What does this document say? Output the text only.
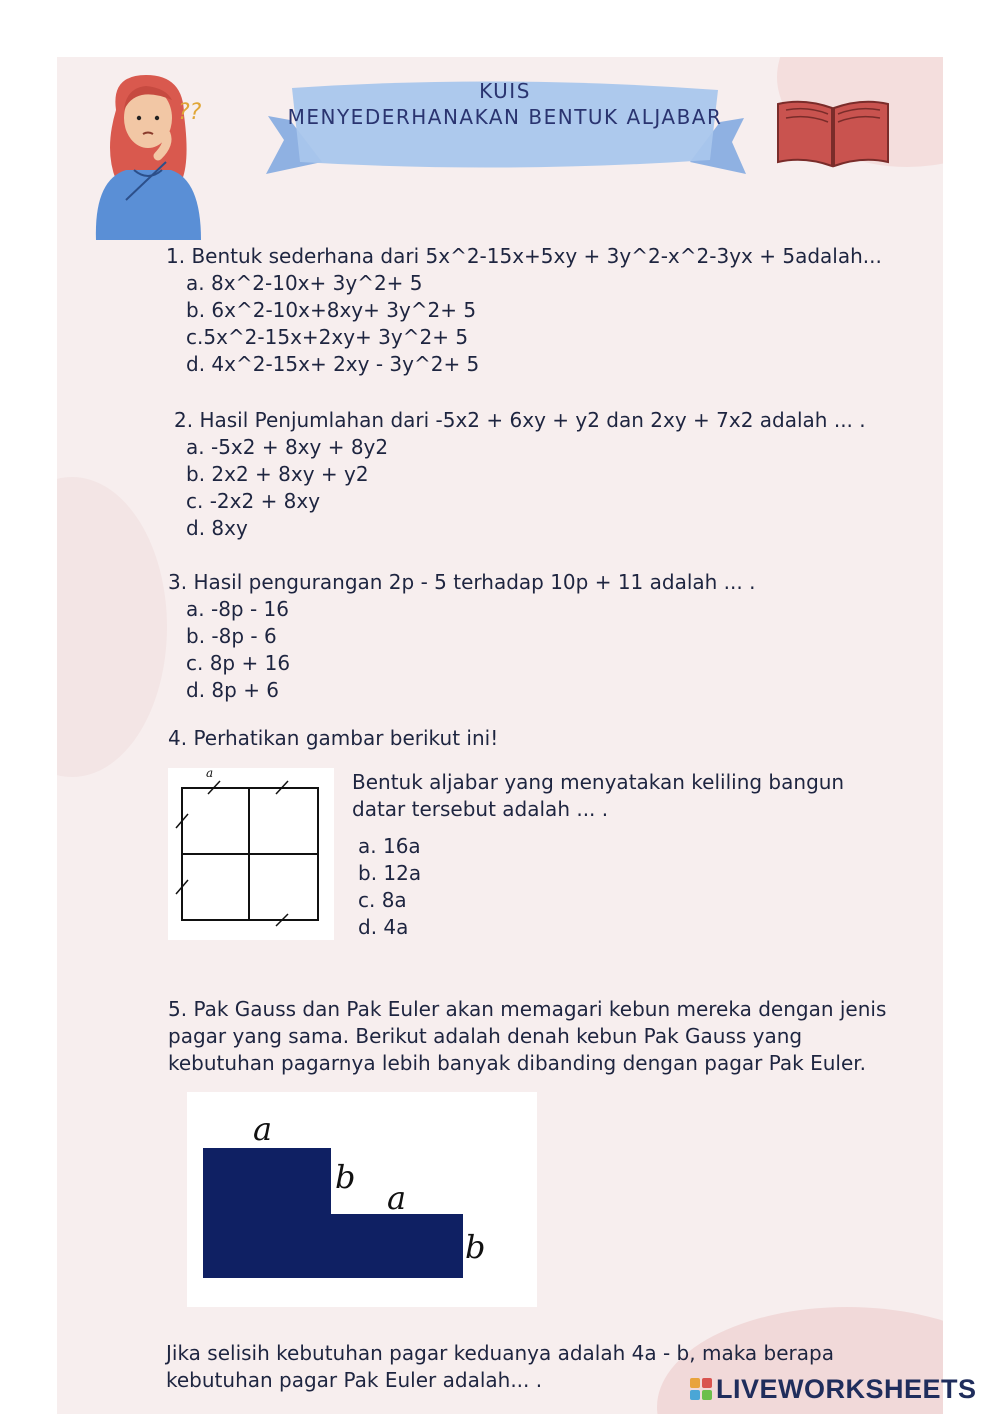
??
KUIS
MENYEDERHANAKAN BENTUK ALJABAR
1. Bentuk sederhana dari 5x^2-15x+5xy + 3y^2-x^2-3yx + 5adalah...
a. 8x^2-10x+ 3y^2+ 5
b. 6x^2-10x+8xy+ 3y^2+ 5
c.5x^2-15x+2xy+ 3y^2+ 5
d. 4x^2-15x+ 2xy - 3y^2+ 5
2. Hasil Penjumlahan dari -5x2 + 6xy + y2 dan 2xy + 7x2 adalah ... .
a. -5x2 + 8xy + 8y2
b. 2x2 + 8xy + y2
c. -2x2 + 8xy
d. 8xy
3. Hasil pengurangan 2p - 5 terhadap 10p + 11 adalah ... .
a. -8p - 16
b. -8p - 6
c. 8p + 16
d. 8p + 6
4. Perhatikan gambar berikut ini!
a	Bentuk aljabar yang menyatakan keliling bangun datar tersebut adalah ... .
a. 16a
b. 12a
c. 8a
d. 4a
5. Pak Gauss dan Pak Euler akan memagari kebun mereka dengan jenis pagar yang sama. Berikut adalah denah kebun Pak Gauss yang kebutuhan pagarnya lebih banyak dibanding dengan pagar Pak Euler.
a
b
a
b
Jika selisih kebutuhan pagar keduanya adalah 4a - b, maka berapa kebutuhan pagar Pak Euler adalah... .	LIVEWORKSHEETS
